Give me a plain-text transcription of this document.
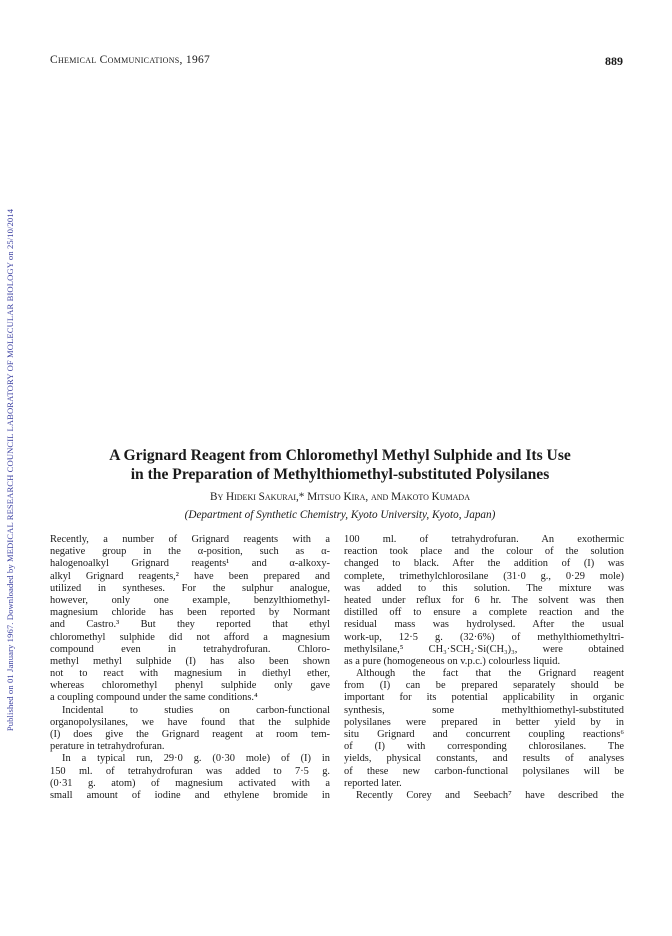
Published on 01 January 1967. Downloaded by MEDICAL RESEARCH COUNCIL LABORATORY OF MOLECULAR BIOLOGY on 25/10/2014
Chemical Communications, 1967	889
A Grignard Reagent from Chloromethyl Methyl Sulphide and Its Use
in the Preparation of Methylthiomethyl-substituted Polysilanes
By Hideki Sakurai,* Mitsuo Kira, and Makoto Kumada
(Department of Synthetic Chemistry, Kyoto University, Kyoto, Japan)
Recently, a number of Grignard reagents with a
negative group in the α-position, such as α-
halogenoalkyl Grignard reagents¹ and α-alkoxy-
alkyl Grignard reagents,² have been prepared and
utilized in syntheses. For the sulphur analogue,
however, only one example, benzylthiomethyl-
magnesium chloride has been reported by Normant
and Castro.³ But they reported that ethyl
chloromethyl sulphide did not afford a magnesium
compound even in tetrahydrofuran. Chloro-
methyl methyl sulphide (I) has also been shown
not to react with magnesium in diethyl ether,
whereas chloromethyl phenyl sulphide only gave
a coupling compound under the same conditions.⁴
Incidental to studies on carbon-functional
organopolysilanes, we have found that the sulphide
(I) does give the Grignard reagent at room tem-
perature in tetrahydrofuran.
In a typical run, 29·0 g. (0·30 mole) of (I) in
150 ml. of tetrahydrofuran was added to 7·5 g.
(0·31 g. atom) of magnesium activated with a
small amount of iodine and ethylene bromide in
100 ml. of tetrahydrofuran. An exothermic
reaction took place and the colour of the solution
changed to black. After the addition of (I) was
complete, trimethylchlorosilane (31·0 g., 0·29 mole)
was added to this solution. The mixture was
heated under reflux for 6 hr. The solvent was then
distilled off to ensure a complete reaction and the
residual mass was hydrolysed. After the usual
work-up, 12·5 g. (32·6%) of methylthiomethyltri-
methylsilane,⁵ CH₃·SCH₂·Si(CH₃)₃, were obtained
as a pure (homogeneous on v.p.c.) colourless liquid.
Although the fact that the Grignard reagent
from (I) can be prepared separately should be
important for its potential applicability in organic
synthesis, some methylthiomethyl-substituted
polysilanes were prepared in better yield by in
situ Grignard and concurrent coupling reactions⁶
of (I) with corresponding chlorosilanes. The
yields, physical constants, and results of analyses
of these new carbon-functional polysilanes will be
reported later.
Recently Corey and Seebach⁷ have described the
